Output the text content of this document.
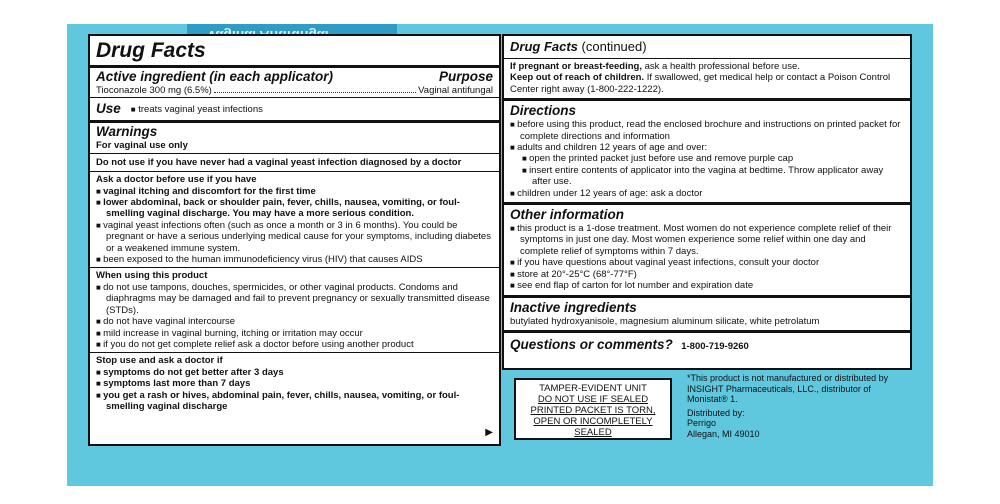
Drug Facts
Active ingredient (in each applicator)	Purpose
Tioconazole 300 mg (6.5%)	Vaginal antifungal
Use ■ treats vaginal yeast infections
Warnings
For vaginal use only
Do not use if you have never had a vaginal yeast infection diagnosed by a doctor
Ask a doctor before use if you have
■ vaginal itching and discomfort for the first time
■ lower abdominal, back or shoulder pain, fever, chills, nausea, vomiting, or foul-smelling vaginal discharge. You may have a more serious condition.
■ vaginal yeast infections often (such as once a month or 3 in 6 months). You could be pregnant or have a serious underlying medical cause for your symptoms, including diabetes or a weakened immune system.
■ been exposed to the human immunodeficiency virus (HIV) that causes AIDS
When using this product
■ do not use tampons, douches, spermicides, or other vaginal products. Condoms and diaphragms may be damaged and fail to prevent pregnancy or sexually transmitted disease (STDs).
■ do not have vaginal intercourse
■ mild increase in vaginal burning, itching or irritation may occur
■ if you do not get complete relief ask a doctor before using another product
Stop use and ask a doctor if
■ symptoms do not get better after 3 days
■ symptoms last more than 7 days
■ you get a rash or hives, abdominal pain, fever, chills, nausea, vomiting, or foul-smelling vaginal discharge
▶
Drug Facts (continued)
If pregnant or breast-feeding, ask a health professional before use.
Keep out of reach of children. If swallowed, get medical help or contact a Poison Control Center right away (1-800-222-1222).
Directions
■ before using this product, read the enclosed brochure and instructions on printed packet for complete directions and information
■ adults and children 12 years of age and over:
■ open the printed packet just before use and remove purple cap
■ insert entire contents of applicator into the vagina at bedtime. Throw applicator away after use.
■ children under 12 years of age: ask a doctor
Other information
■ this product is a 1-dose treatment. Most women do not experience complete relief of their symptoms in just one day. Most women experience some relief within one day and complete relief of symptoms within 7 days.
■ if you have questions about vaginal yeast infections, consult your doctor
■ store at 20°-25°C (68°-77°F)
■ see end flap of carton for lot number and expiration date
Inactive ingredients
butylated hydroxyanisole, magnesium aluminum silicate, white petrolatum
Questions or comments? 1-800-719-9260
TAMPER-EVIDENT UNIT
DO NOT USE IF SEALED PRINTED PACKET IS TORN, OPEN OR INCOMPLETELY SEALED
*This product is not manufactured or distributed by INSIGHT Pharmaceuticals, LLC., distributor of Monistat® 1.
Distributed by:
Perrigo
Allegan, MI 49010
